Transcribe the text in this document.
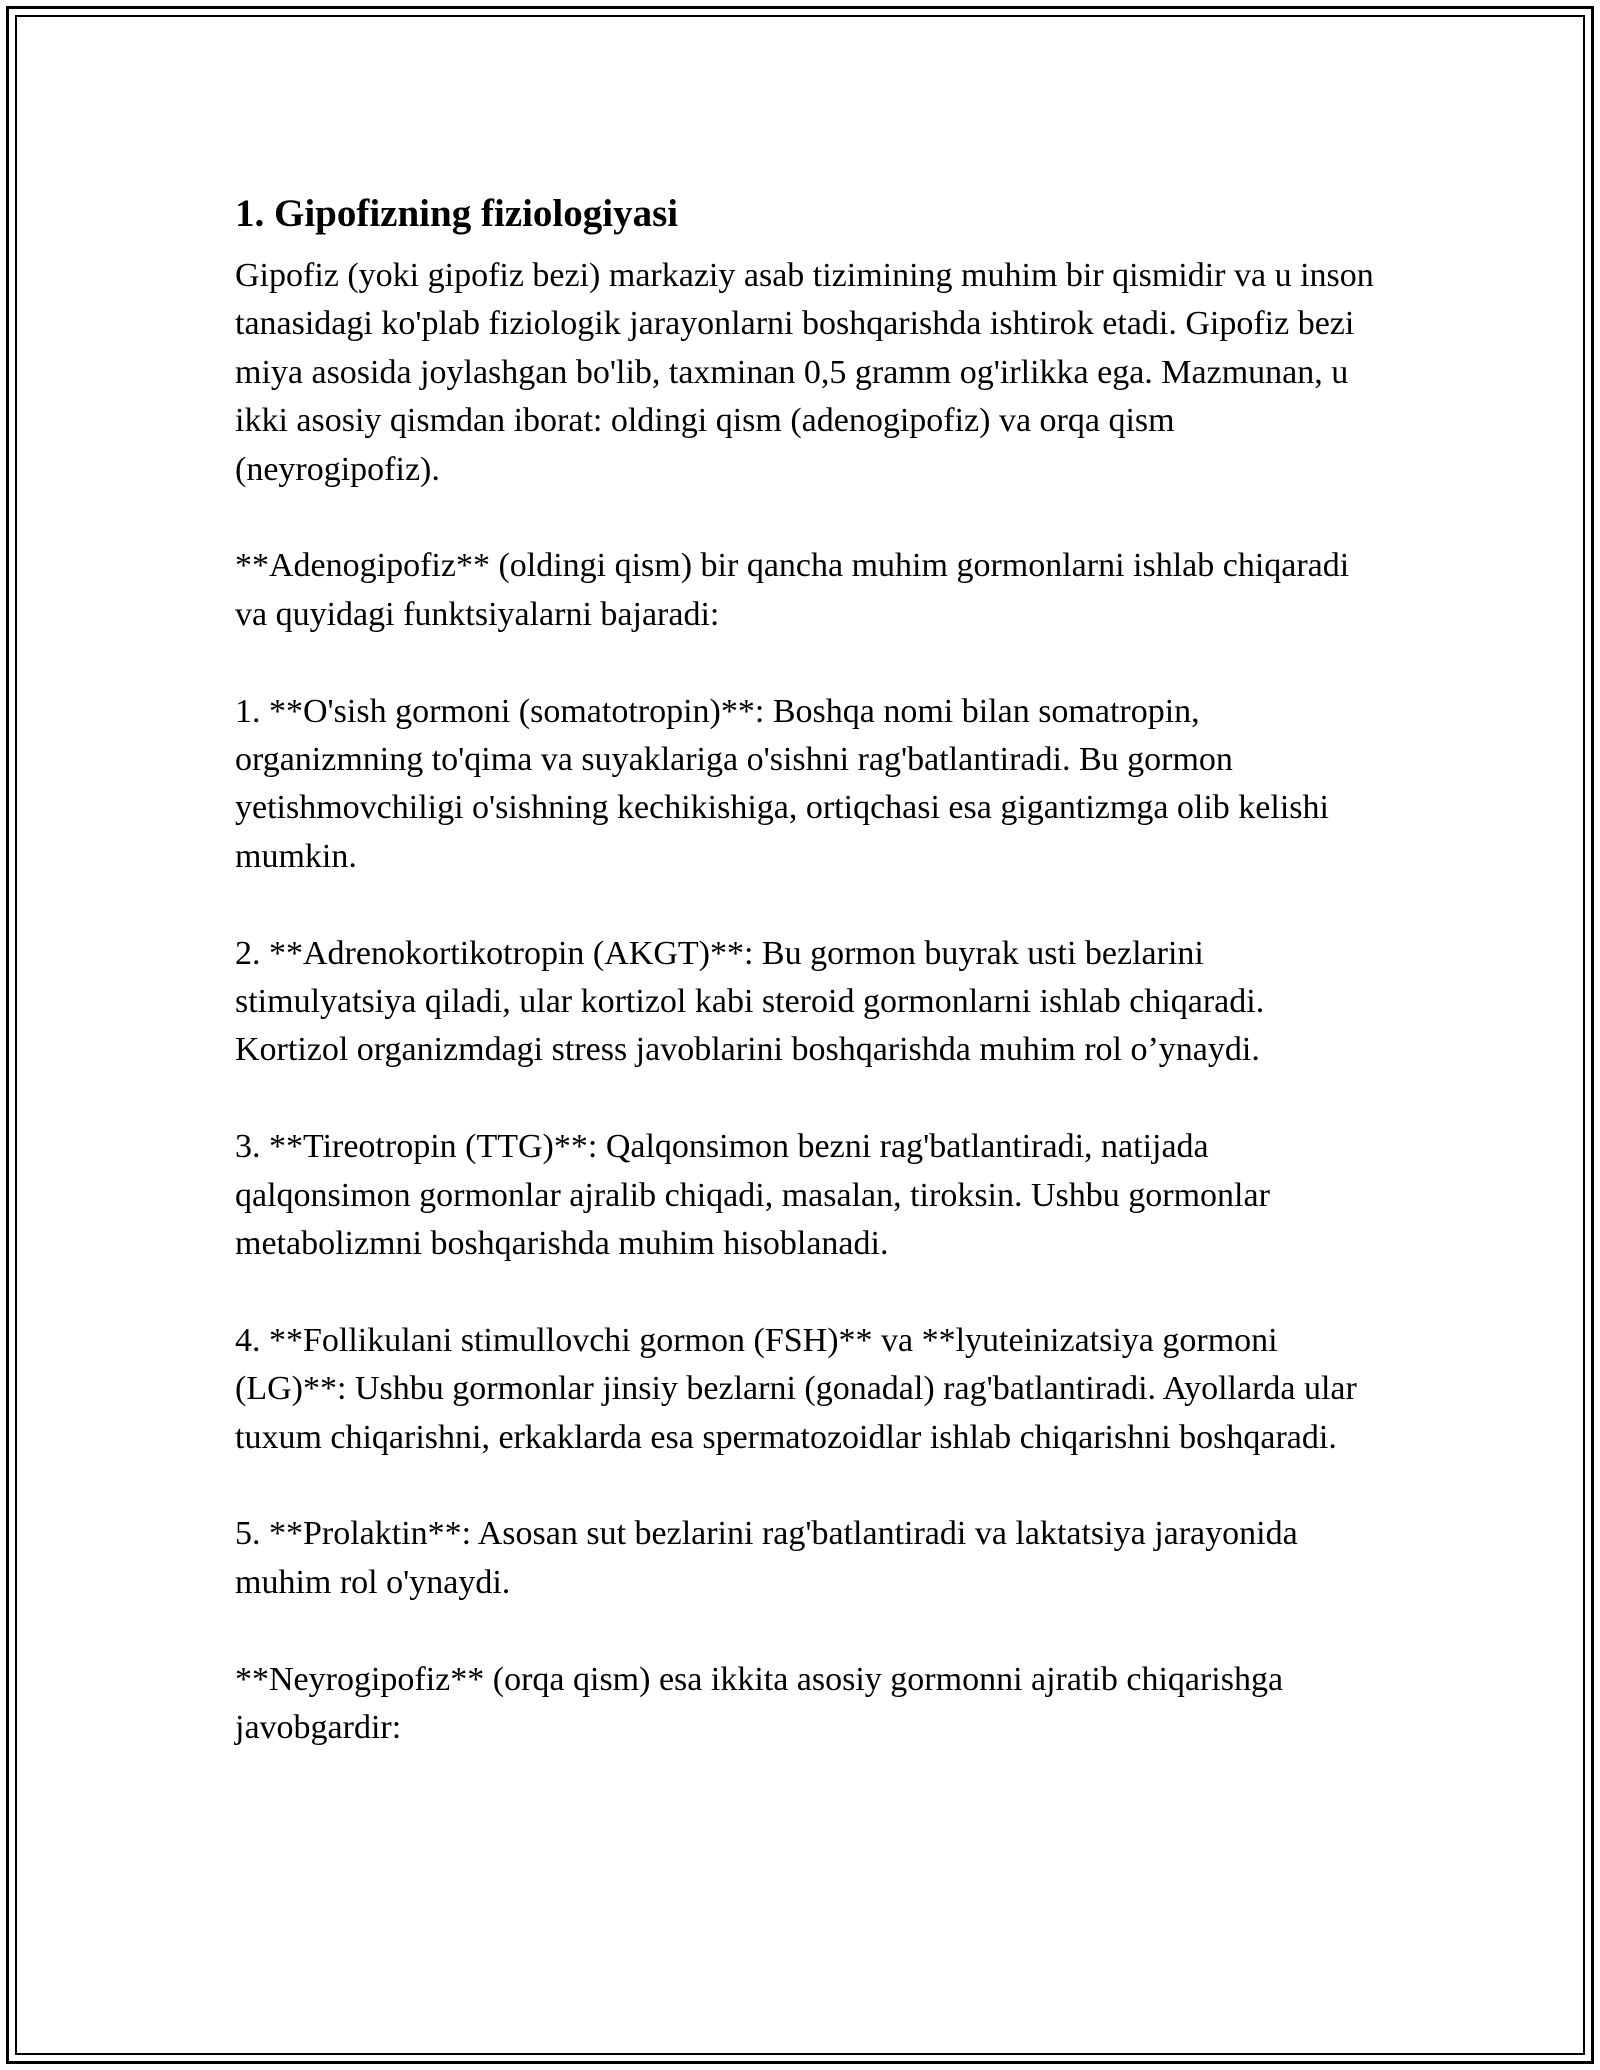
1. Gipofizning fiziologiyasi

Gipofiz (yoki gipofiz bezi) markaziy asab tizimining muhim bir qismidir va u inson tanasidagi ko'plab fiziologik jarayonlarni boshqarishda ishtirok etadi. Gipofiz bezi miya asosida joylashgan bo'lib, taxminan 0,5 gramm og'irlikka ega. Mazmunan, u ikki asosiy qismdan iborat: oldingi qism (adenogipofiz) va orqa qism (neyrogipofiz).

**Adenogipofiz** (oldingi qism) bir qancha muhim gormonlarni ishlab chiqaradi va quyidagi funktsiyalarni bajaradi:

1. **O'sish gormoni (somatotropin)**: Boshqa nomi bilan somatropin, organizmning to'qima va suyaklariga o'sishni rag'batlantiradi. Bu gormon yetishmovchiligi o'sishning kechikishiga, ortiqchasi esa gigantizmga olib kelishi mumkin.

2. **Adrenokortikotropin (AKGT)**: Bu gormon buyrak usti bezlarini stimulyatsiya qiladi, ular kortizol kabi steroid gormonlarni ishlab chiqaradi. Kortizol organizmdagi stress javoblarini boshqarishda muhim rol o’ynaydi.

3. **Tireotropin (TTG)**: Qalqonsimon bezni rag'batlantiradi, natijada qalqonsimon gormonlar ajralib chiqadi, masalan, tiroksin. Ushbu gormonlar metabolizmni boshqarishda muhim hisoblanadi.

4. **Follikulani stimullovchi gormon (FSH)** va **lyuteinizatsiya gormoni (LG)**: Ushbu gormonlar jinsiy bezlarni (gonadal) rag'batlantiradi. Ayollarda ular tuxum chiqarishni, erkaklarda esa spermatozoidlar ishlab chiqarishni boshqaradi.

5. **Prolaktin**: Asosan sut bezlarini rag'batlantiradi va laktatsiya jarayonida muhim rol o'ynaydi.

**Neyrogipofiz** (orqa qism) esa ikkita asosiy gormonni ajratib chiqarishga javobgardir:
